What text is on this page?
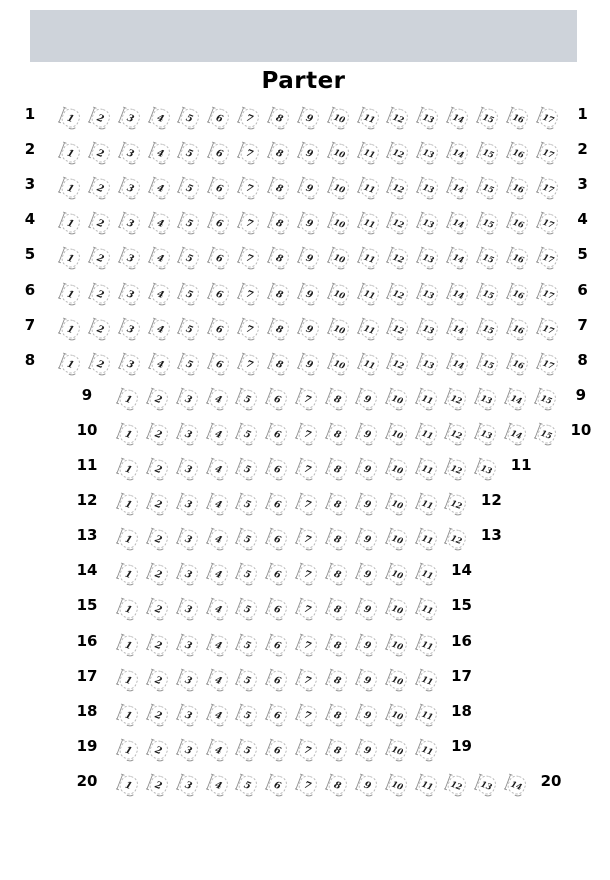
Parter
1	1 2 3 4 5 6 7 8 9 10 11 12 13 14 15 16 17	1
2	1 2 3 4 5 6 7 8 9 10 11 12 13 14 15 16 17	2
3	1 2 3 4 5 6 7 8 9 10 11 12 13 14 15 16 17	3
4	1 2 3 4 5 6 7 8 9 10 11 12 13 14 15 16 17	4
5	1 2 3 4 5 6 7 8 9 10 11 12 13 14 15 16 17	5
6	1 2 3 4 5 6 7 8 9 10 11 12 13 14 15 16 17	6
7	1 2 3 4 5 6 7 8 9 10 11 12 13 14 15 16 17	7
8	1 2 3 4 5 6 7 8 9 10 11 12 13 14 15 16 17	8
9	1 2 3 4 5 6 7 8 9 10 11 12 13 14 15	9
10	1 2 3 4 5 6 7 8 9 10 11 12 13 14 15	10
11	1 2 3 4 5 6 7 8 9 10 11 12 13	11
12	1 2 3 4 5 6 7 8 9 10 11 12	12
13	1 2 3 4 5 6 7 8 9 10 11 12	13
14	1 2 3 4 5 6 7 8 9 10 11	14
15	1 2 3 4 5 6 7 8 9 10 11	15
16	1 2 3 4 5 6 7 8 9 10 11	16
17	1 2 3 4 5 6 7 8 9 10 11	17
18	1 2 3 4 5 6 7 8 9 10 11	18
19	1 2 3 4 5 6 7 8 9 10 11	19
20	1 2 3 4 5 6 7 8 9 10 11 12 13 14	20
